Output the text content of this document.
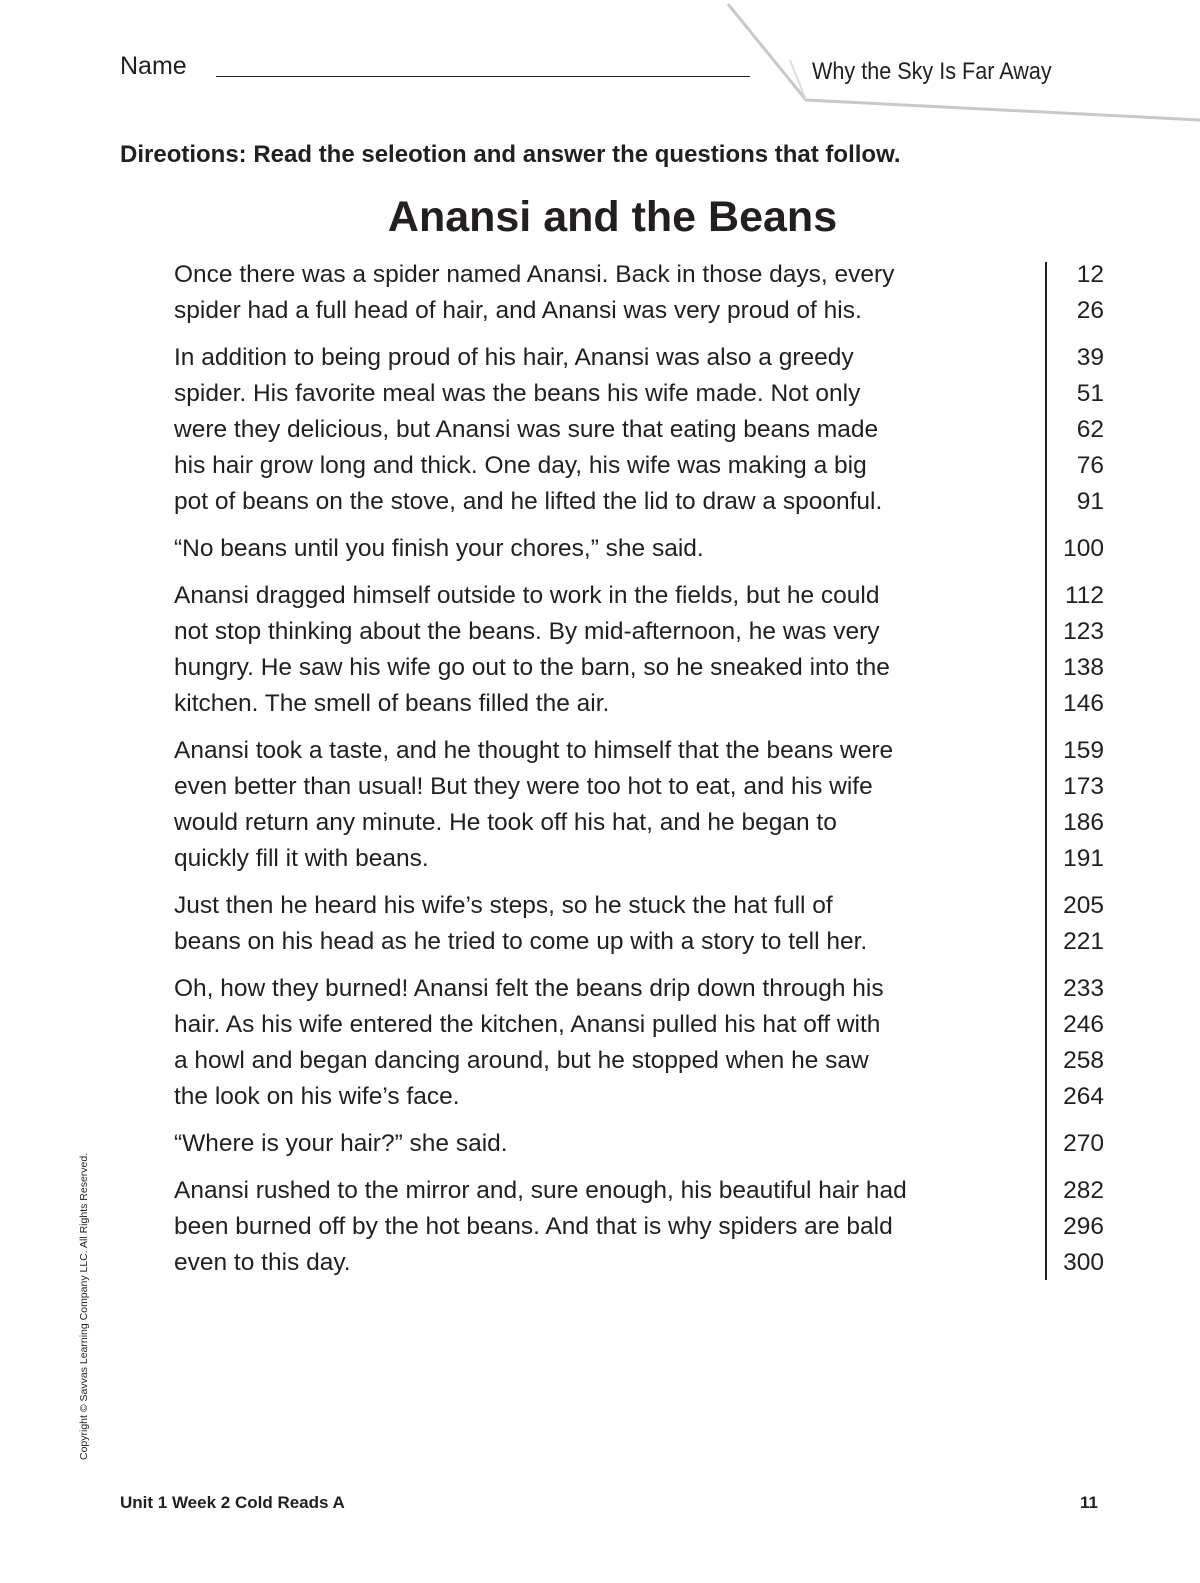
Name	Why the Sky Is Far Away
Direotions: Read the seleotion and answer the questions that follow.
Anansi and the Beans
Once there was a spider named Anansi. Back in those days, every	12
spider had a full head of hair, and Anansi was very proud of his.	26
In addition to being proud of his hair, Anansi was also a greedy	39
spider. His favorite meal was the beans his wife made. Not only	51
were they delicious, but Anansi was sure that eating beans made	62
his hair grow long and thick. One day, his wife was making a big	76
pot of beans on the stove, and he lifted the lid to draw a spoonful.	91
“No beans until you finish your chores,” she said.	100
Anansi dragged himself outside to work in the fields, but he could	112
not stop thinking about the beans. By mid-afternoon, he was very	123
hungry. He saw his wife go out to the barn, so he sneaked into the	138
kitchen. The smell of beans filled the air.	146
Anansi took a taste, and he thought to himself that the beans were	159
even better than usual! But they were too hot to eat, and his wife	173
would return any minute. He took off his hat, and he began to	186
quickly fill it with beans.	191
Just then he heard his wife’s steps, so he stuck the hat full of	205
beans on his head as he tried to come up with a story to tell her.	221
Oh, how they burned! Anansi felt the beans drip down through his	233
hair. As his wife entered the kitchen, Anansi pulled his hat off with	246
a howl and began dancing around, but he stopped when he saw	258
the look on his wife’s face.	264
“Where is your hair?” she said.	270
Anansi rushed to the mirror and, sure enough, his beautiful hair had	282
been burned off by the hot beans. And that is why spiders are bald	296
even to this day.	300
Copyright © Savvas Learning Company LLC. All Rights Reserved.
Unit 1 Week 2 Cold Reads A	11
